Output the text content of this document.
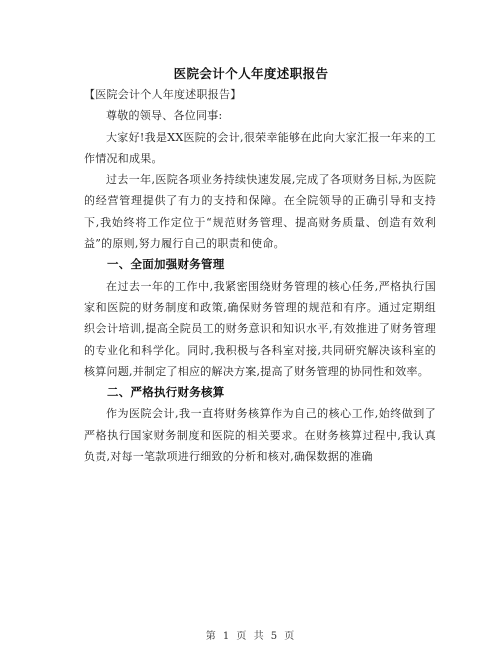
医院会计个人年度述职报告

【医院会计个人年度述职报告】

尊敬的领导、各位同事:

大家好!我是XX医院的会计,很荣幸能够在此向大家汇报一年来的工作情况和成果。

过去一年,医院各项业务持续快速发展,完成了各项财务目标,为医院的经营管理提供了有力的支持和保障。在全院领导的正确引导和支持下,我始终将工作定位于“规范财务管理、提高财务质量、创造有效利益”的原则,努力履行自己的职责和使命。

一、全面加强财务管理

在过去一年的工作中,我紧密围绕财务管理的核心任务,严格执行国家和医院的财务制度和政策,确保财务管理的规范和有序。通过定期组织会计培训,提高全院员工的财务意识和知识水平,有效推进了财务管理的专业化和科学化。同时,我积极与各科室对接,共同研究解决该科室的核算问题,并制定了相应的解决方案,提高了财务管理的协同性和效率。

二、严格执行财务核算

作为医院会计,我一直将财务核算作为自己的核心工作,始终做到了严格执行国家财务制度和医院的相关要求。在财务核算过程中,我认真负责,对每一笔款项进行细致的分析和核对,确保数据的准确

第 1 页 共 5 页
